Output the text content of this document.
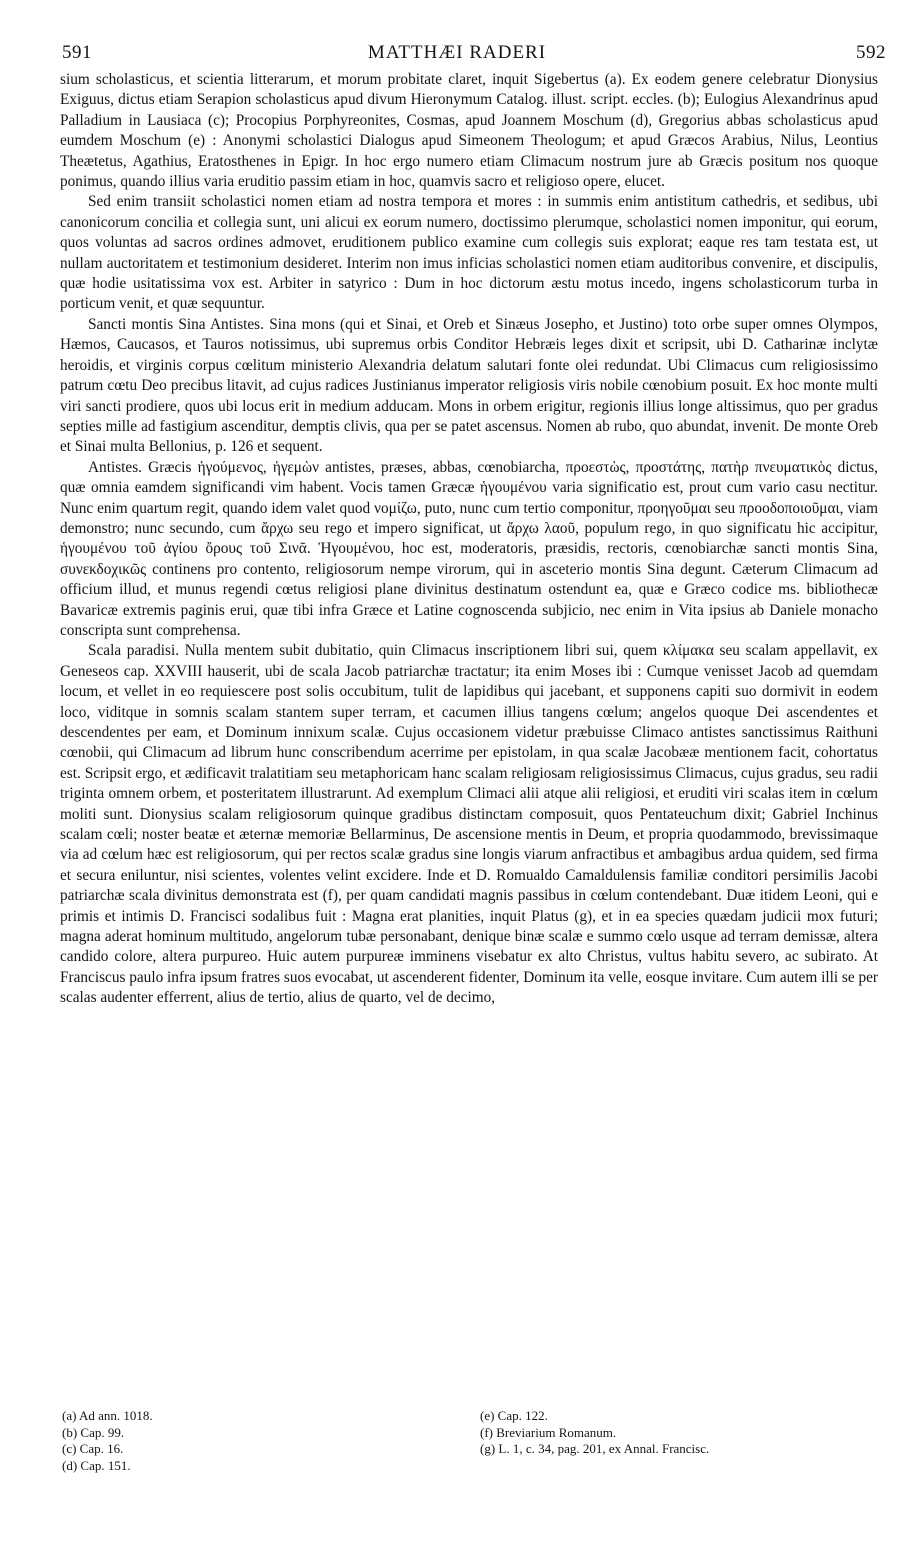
591	MATTHÆI RADERI	592

sium scholasticus, et scientia litterarum, et morum probitate claret, inquit Sigebertus (a). Ex eodem genere celebratur Dionysius Exiguus, dictus etiam Serapion scholasticus apud divum Hieronymum Catalog. illust. script. eccles. (b); Eulogius Alexandrinus apud Palladium in Lausiaca (c); Procopius Porphyreonites, Cosmas, apud Joannem Moschum (d), Gregorius abbas scholasticus apud eumdem Moschum (e) : Anonymi scholastici Dialogus apud Simeonem Theologum; et apud Græcos Arabius, Nilus, Leontius Theætetus, Agathius, Eratosthenes in Epigr. In hoc ergo numero etiam Climacum nostrum jure ab Græcis positum nos quoque ponimus, quando illius varia eruditio passim etiam in hoc, quamvis sacro et religioso opere, elucet.

Sed enim transiit scholastici nomen etiam ad nostra tempora et mores : in summis enim antistitum cathedris, et sedibus, ubi canonicorum concilia et collegia sunt, uni alicui ex eorum numero, doctissimo plerumque, scholastici nomen imponitur, qui eorum, quos voluntas ad sacros ordines admovet, eruditionem publico examine cum collegis suis explorat; eaque res tam testata est, ut nullam auctoritatem et testimonium desideret. Interim non imus inficias scholastici nomen etiam auditoribus convenire, et discipulis, quæ hodie usitatissima vox est. Arbiter in satyrico : Dum in hoc dictorum æstu motus incedo, ingens scholasticorum turba in porticum venit, et quæ sequuntur.

Sancti montis Sina Antistes. Sina mons (qui et Sinai, et Oreb et Sinæus Josepho, et Justino) toto orbe super omnes Olympos, Hæmos, Caucasos, et Tauros notissimus, ubi supremus orbis Conditor Hebræis leges dixit et scripsit, ubi D. Catharinæ inclytæ heroidis, et virginis corpus cœlitum ministerio Alexandria delatum salutari fonte olei redundat. Ubi Climacus cum religiosissimo patrum cœtu Deo precibus litavit, ad cujus radices Justinianus imperator religiosis viris nobile cœnobium posuit. Ex hoc monte multi viri sancti prodiere, quos ubi locus erit in medium adducam. Mons in orbem erigitur, regionis illius longe altissimus, quo per gradus septies mille ad fastigium ascenditur, demptis clivis, qua per se patet ascensus. Nomen ab rubo, quo abundat, invenit. De monte Oreb et Sinai multa Bellonius, p. 126 et sequent.

Antistes. Græcis ἡγούμενος, ἡγεμὼν antistes, præses, abbas, cœnobiarcha, προεστὼς, προστάτης, πατὴρ πνευματικὸς dictus, quæ omnia eamdem significandi vim habent. Vocis tamen Græcæ ἡγουμένου varia significatio est, prout cum vario casu nectitur. Nunc enim quartum regit, quando idem valet quod νομίζω, puto, nunc cum tertio componitur, προηγοῦμαι seu προοδοποιοῦμαι, viam demonstro; nunc secundo, cum ἄρχω seu rego et impero significat, ut ἄρχω λαοῦ, populum rego, in quo significatu hic accipitur, ἡγουμένου τοῦ ἁγίου ὄρους τοῦ Σινᾶ. Ἡγουμένου, hoc est, moderatoris, præsidis, rectoris, cœnobiarchæ sancti montis Sina, συνεκδοχικῶς continens pro contento, religiosorum nempe virorum, qui in asceterio montis Sina degunt. Cæterum Climacum ad officium illud, et munus regendi cœtus religiosi plane divinitus destinatum ostendunt ea, quæ e Græco codice ms. bibliothecæ Bavaricæ extremis paginis erui, quæ tibi infra Græce et Latine cognoscenda subjicio, nec enim in Vita ipsius ab Daniele monacho conscripta sunt comprehensa.

Scala paradisi. Nulla mentem subit dubitatio, quin Climacus inscriptionem libri sui, quem κλίμακα seu scalam appellavit, ex Geneseos cap. XXVIII hauserit, ubi de scala Jacob patriarchæ tractatur; ita enim Moses ibi : Cumque venisset Jacob ad quemdam locum, et vellet in eo requiescere post solis occubitum, tulit de lapidibus qui jacebant, et supponens capiti suo dormivit in eodem loco, viditque in somnis scalam stantem super terram, et cacumen illius tangens cœlum; angelos quoque Dei ascendentes et descendentes per eam, et Dominum innixum scalæ. Cujus occasionem videtur præbuisse Climaco antistes sanctissimus Raithuni cœnobii, qui Climacum ad librum hunc conscribendum acerrime per epistolam, in qua scalæ Jacobææ mentionem facit, cohortatus est. Scripsit ergo, et ædificavit tralatitiam seu metaphoricam hanc scalam religiosam religiosissimus Climacus, cujus gradus, seu radii triginta omnem orbem, et posteritatem illustrarunt. Ad exemplum Climaci alii atque alii religiosi, et eruditi viri scalas item in cœlum moliti sunt. Dionysius scalam religiosorum quinque gradibus distinctam composuit, quos Pentateuchum dixit; Gabriel Inchinus scalam cœli; noster beatæ et æternæ memoriæ Bellarminus, De ascensione mentis in Deum, et propria quodammodo, brevissimaque via ad cœlum hæc est religiosorum, qui per rectos scalæ gradus sine longis viarum anfractibus et ambagibus ardua quidem, sed firma et secura eniluntur, nisi scientes, volentes velint excidere. Inde et D. Romualdo Camaldulensis familiæ conditori persimilis Jacobi patriarchæ scala divinitus demonstrata est (f), per quam candidati magnis passibus in cœlum contendebant. Duæ itidem Leoni, qui e primis et intimis D. Francisci sodalibus fuit : Magna erat planities, inquit Platus (g), et in ea species quædam judicii mox futuri; magna aderat hominum multitudo, angelorum tubæ personabant, denique binæ scalæ e summo cœlo usque ad terram demissæ, altera candido colore, altera purpureo. Huic autem purpureæ imminens visebatur ex alto Christus, vultus habitu severo, ac subirato. At Franciscus paulo infra ipsum fratres suos evocabat, ut ascenderent fidenter, Dominum ita velle, eosque invitare. Cum autem illi se per scalas audenter efferrent, alius de tertio, alius de quarto, vel de decimo,

(a) Ad ann. 1018.
(b) Cap. 99.
(c) Cap. 16.
(d) Cap. 151.
(e) Cap. 122.
(f) Breviarium Romanum.
(g) L. 1, c. 34, pag. 201, ex Annal. Francisc.
